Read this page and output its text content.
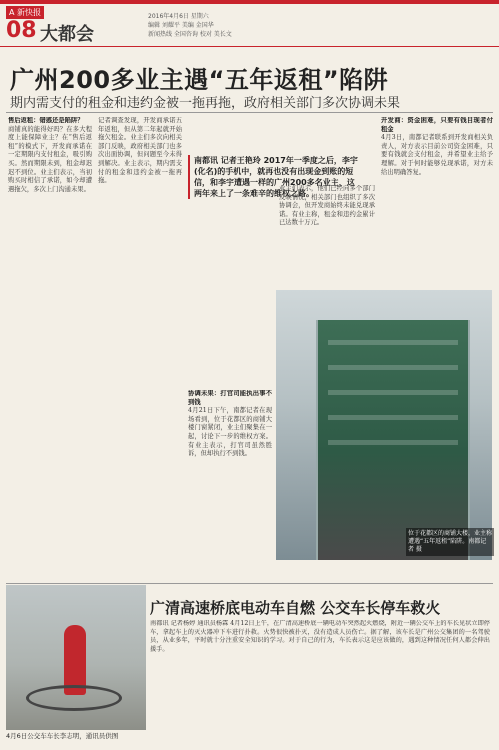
A 新快报
08 大都会
2016年4月6日 星期六
编辑 刘耀平 美编 金国华
新闻热线 全国咨询 校对 美长文
广州200多业主遇“五年返租”陷阱
期内需支付的租金和违约金被一拖再拖，政府相关部门多次协调未果
售后返租：错惑还是陷阱？
商铺真的能得好吗？在多大程度上能保障业主？在“售后返租”的模式下，开发商承诺在一定期限内支付租金，吸引购买。然而期限未到，租金却迟迟不到位。业主们表示，当初购买时相信了承诺，如今却遭遇拖欠，多次上门沟通未果。
记者调查发现，开发商承诺五年返租，但从第二年起就开始拖欠租金。业主们多次向相关部门反映，政府相关部门也多次出面协调，但问题至今未得到解决。业主表示，期内需支付的租金和违约金被一拖再拖。
南都讯 记者王艳玲 2017年一季度之后，李宇(化名)的手机中，就再也没有出现金到账的短信，和李宇遭遇一样的广州200多名业主，这两年来上了一条难辛的维权之路。
协调未果：打官司能执出事不到钱
4月21日下午，南都记者在现场看到，位于花都区的商铺大楼门窗紧闭，业主们聚集在一起，讨论下一步的维权方案。有业主表示，打官司虽然胜诉，但却执行不到钱。
业主们表示，他们已经向多个部门反映情况，相关部门也组织了多次协调会，但开发商始终未能兑现承诺。有业主称，租金和违约金累计已达数十万元。
开发商：资金困难，只要有钱目现者付租金
4月3日，南都记者联系到开发商相关负责人，对方表示目前公司资金困难，只要有钱就会支付租金，并希望业主给予理解。对于何时能够兑现承诺，对方未给出明确答复。
位于花都区的商铺大楼，业主称遭遇“五年返租”陷阱。南都记者 摄
4月6日公交车车长李志明，通讯员供图
广清高速桥底电动车自燃 公交车长停车救火
南都讯 记者杨婷 通讯员杨霖 4月12日上午，在广清高速桥底一辆电动车突然起火燃烧，附近一辆公交车上的车长见状立即停车，拿起车上的灭火器冲下车进行扑救。火势很快被扑灭，没有造成人员伤亡。据了解，该车长是广州公交集团的一名驾驶员，从业多年，平时就十分注重安全知识的学习。对于自己的行为，车长表示这是应该做的，遇到这种情况任何人都会伸出援手。
